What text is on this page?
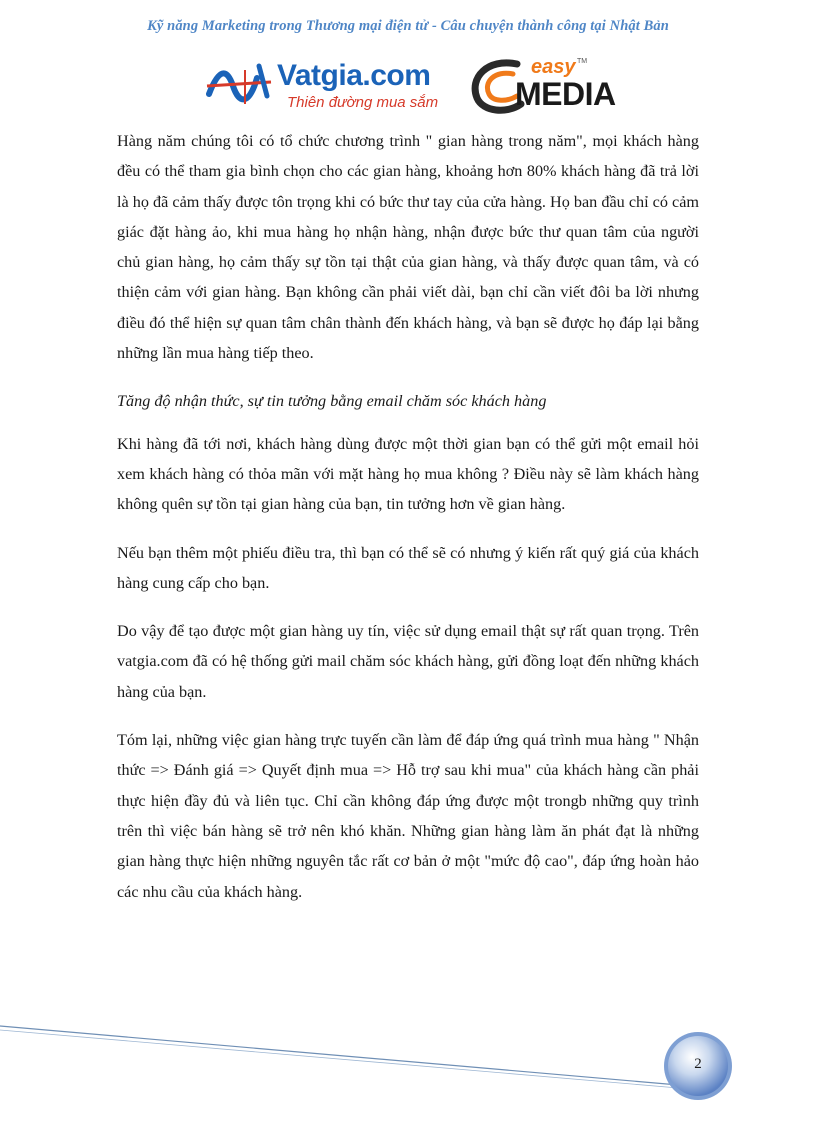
Kỹ năng Marketing trong Thương mại điện tử - Câu chuyện thành công tại Nhật Bản
Vatgia.com
Thiên đường mua sắm
easy TM
MEDIA

Hàng năm chúng tôi có tổ chức chương trình " gian hàng trong năm", mọi khách hàng đều có thể tham gia bình chọn cho các gian hàng, khoảng hơn 80% khách hàng đã trả lời là họ đã cảm thấy được tôn trọng khi có bức thư tay của cửa hàng. Họ ban đầu chỉ có cảm giác đặt hàng ảo, khi mua hàng họ nhận hàng, nhận được bức thư quan tâm của người chủ gian hàng, họ cảm thấy sự tồn tại thật của gian hàng, và thấy được quan tâm, và có thiện cảm với gian hàng. Bạn không cần phải viết dài, bạn chỉ cần viết đôi ba lời nhưng điều đó thể hiện sự quan tâm chân thành đến khách hàng, và bạn sẽ được họ đáp lại bằng những lần mua hàng tiếp theo.

Tăng độ nhận thức, sự tin tưởng bằng email chăm sóc khách hàng

Khi hàng đã tới nơi, khách hàng dùng được một thời gian bạn có thể gửi một email hỏi xem khách hàng có thỏa mãn với mặt hàng họ mua không ? Điều này sẽ làm khách hàng không quên sự tồn tại gian hàng của bạn, tin tưởng hơn về gian hàng.

Nếu bạn thêm một phiếu điều tra, thì bạn có thể sẽ có nhưng ý kiến rất quý giá của khách hàng cung cấp cho bạn.

Do vậy để tạo được một gian hàng uy tín, việc sử dụng email thật sự rất quan trọng. Trên vatgia.com đã có hệ thống gửi mail chăm sóc khách hàng, gửi đồng loạt đến những khách hàng của bạn.

Tóm lại, những việc gian hàng trực tuyến cần làm để đáp ứng quá trình mua hàng " Nhận thức => Đánh giá => Quyết định mua => Hỗ trợ sau khi mua" của khách hàng cần phải thực hiện đầy đủ và liên tục. Chỉ cần không đáp ứng được một trongb những quy trình trên thì việc bán hàng sẽ trở nên khó khăn. Những gian hàng làm ăn phát đạt là những gian hàng thực hiện những nguyên tắc rất cơ bản ở một "mức độ cao", đáp ứng hoàn hảo các nhu cầu của khách hàng.

2
